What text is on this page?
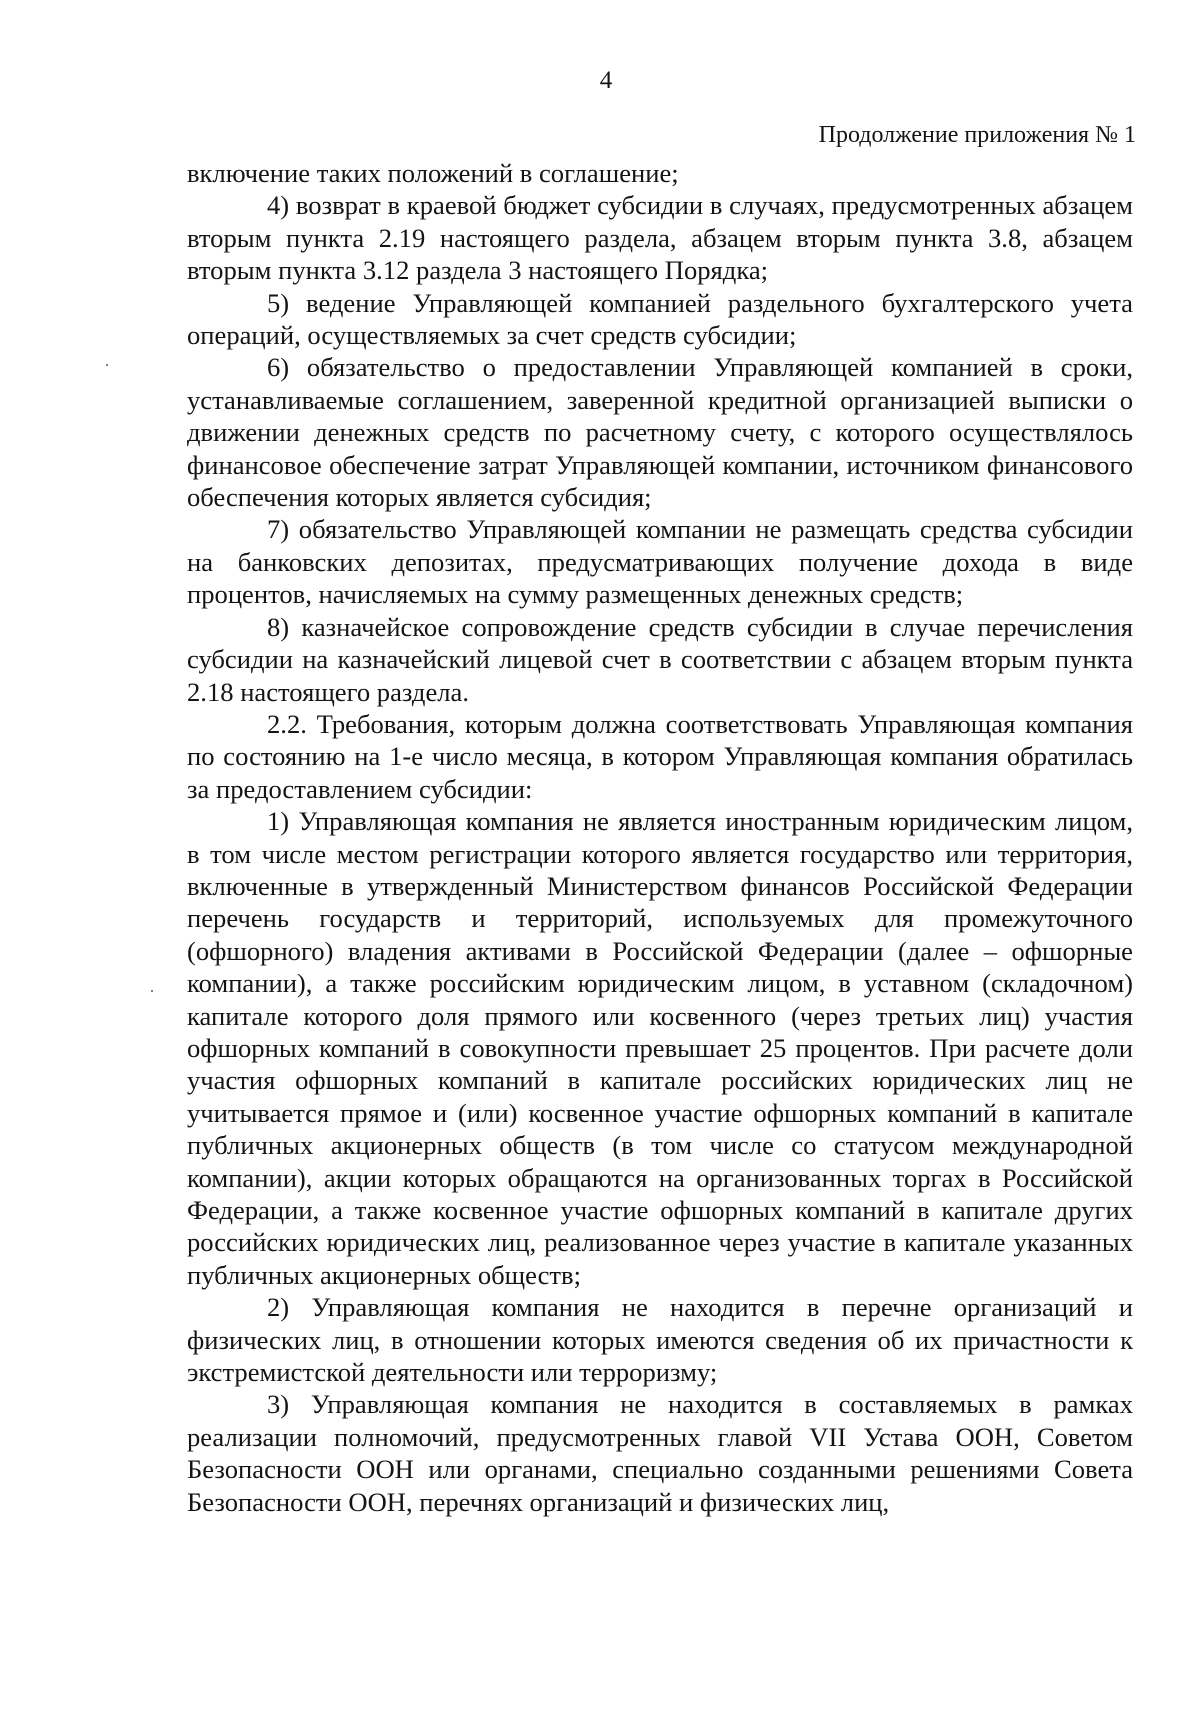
4
Продолжение приложения № 1

включение таких положений в соглашение;

4) возврат в краевой бюджет субсидии в случаях, предусмотренных абзацем вторым пункта 2.19 настоящего раздела, абзацем вторым пункта 3.8, абзацем вторым пункта 3.12 раздела 3 настоящего Порядка;

5) ведение Управляющей компанией раздельного бухгалтерского учета операций, осуществляемых за счет средств субсидии;

6) обязательство о предоставлении Управляющей компанией в сроки, устанавливаемые соглашением, заверенной кредитной организацией выписки о движении денежных средств по расчетному счету, с которого осуществлялось финансовое обеспечение затрат Управляющей компании, источником финансового обеспечения которых является субсидия;

7) обязательство Управляющей компании не размещать средства субсидии на банковских депозитах, предусматривающих получение дохода в виде процентов, начисляемых на сумму размещенных денежных средств;

8) казначейское сопровождение средств субсидии в случае перечисления субсидии на казначейский лицевой счет в соответствии с абзацем вторым пункта 2.18 настоящего раздела.

2.2. Требования, которым должна соответствовать Управляющая компания по состоянию на 1-е число месяца, в котором Управляющая компания обратилась за предоставлением субсидии:

1) Управляющая компания не является иностранным юридическим лицом, в том числе местом регистрации которого является государство или территория, включенные в утвержденный Министерством финансов Российской Федерации перечень государств и территорий, используемых для промежуточного (офшорного) владения активами в Российской Федерации (далее – офшорные компании), а также российским юридическим лицом, в уставном (складочном) капитале которого доля прямого или косвенного (через третьих лиц) участия офшорных компаний в совокупности превышает 25 процентов. При расчете доли участия офшорных компаний в капитале российских юридических лиц не учитывается прямое и (или) косвенное участие офшорных компаний в капитале публичных акционерных обществ (в том числе со статусом международной компании), акции которых обращаются на организованных торгах в Российской Федерации, а также косвенное участие офшорных компаний в капитале других российских юридических лиц, реализованное через участие в капитале указанных публичных акционерных обществ;

2) Управляющая компания не находится в перечне организаций и физических лиц, в отношении которых имеются сведения об их причастности к экстремистской деятельности или терроризму;

3) Управляющая компания не находится в составляемых в рамках реализации полномочий, предусмотренных главой VII Устава ООН, Советом Безопасности ООН или органами, специально созданными решениями Совета Безопасности ООН, перечнях организаций и физических лиц,
